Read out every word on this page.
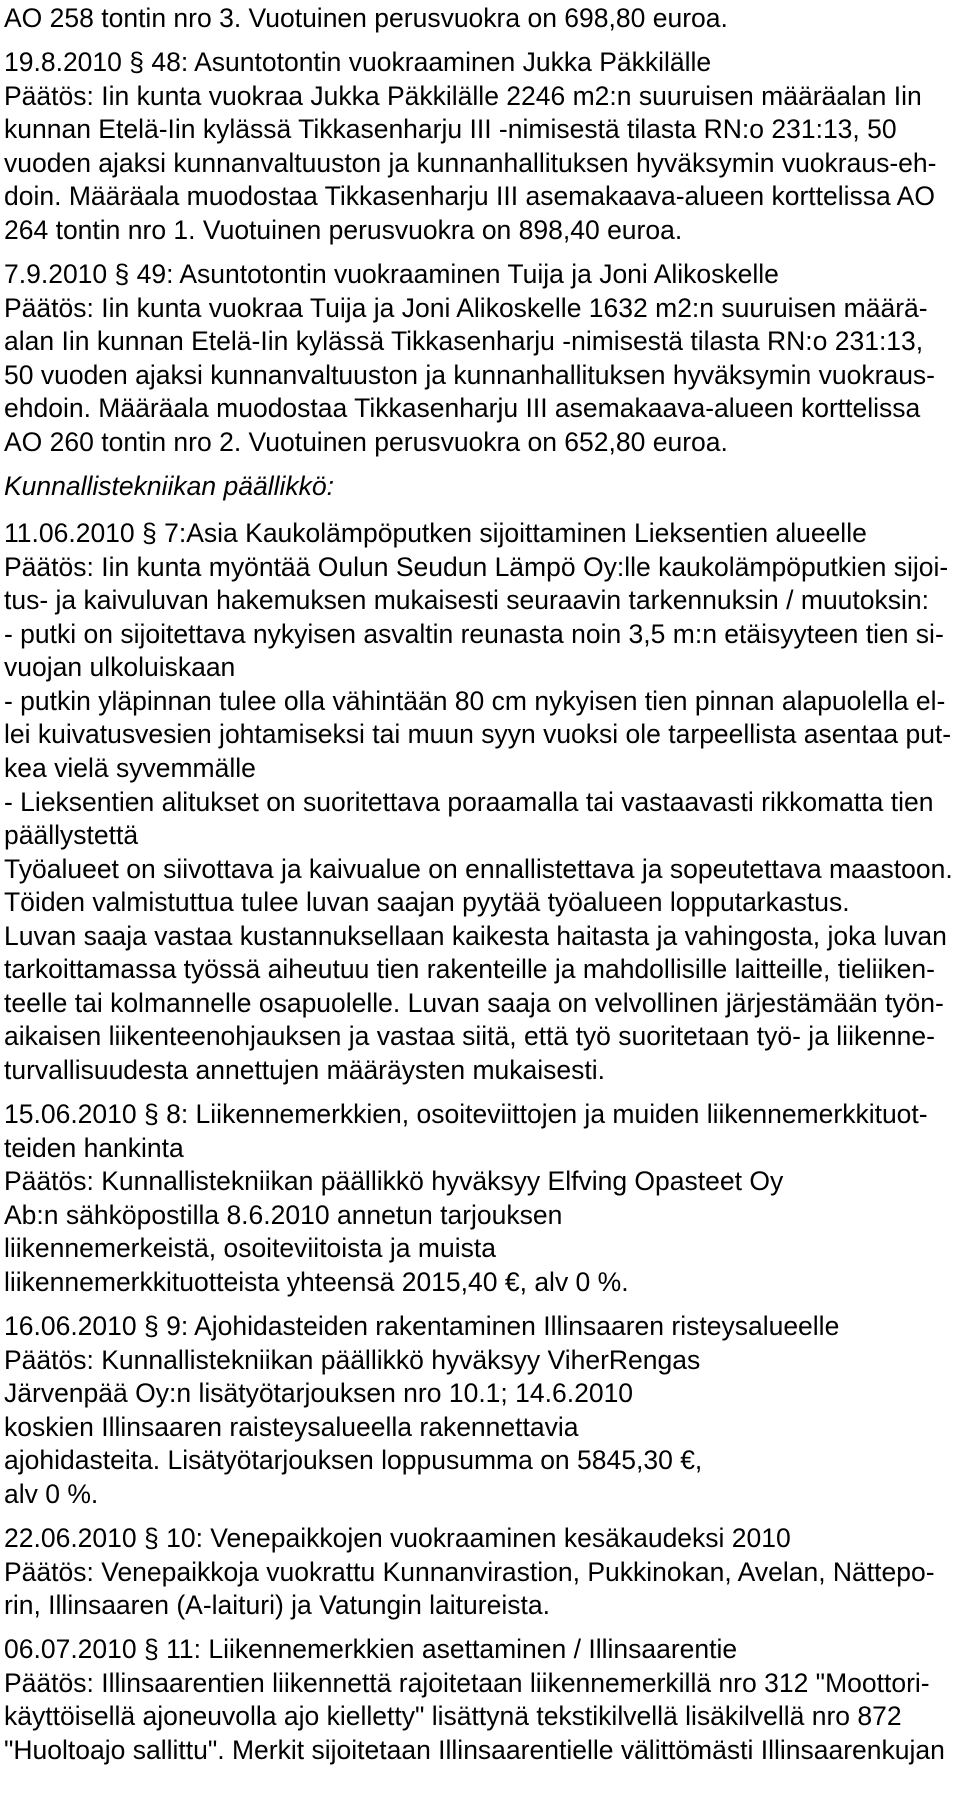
AO 258 tontin nro 3. Vuotuinen perusvuokra on 698,80 euroa.
19.8.2010 § 48: Asuntotontin vuokraaminen Jukka Päkkilälle
Päätös: Iin kunta vuokraa Jukka Päkkilälle 2246 m2:n suuruisen määräalan Iin
kunnan Etelä-Iin kylässä Tikkasenharju III -nimisestä tilasta RN:o 231:13, 50
vuoden ajaksi kunnanvaltuuston ja kunnanhallituksen hyväksymin vuokraus-eh-
doin. Määräala muodostaa Tikkasenharju III asemakaava-alueen korttelissa AO
264 tontin nro 1. Vuotuinen perusvuokra on 898,40 euroa.
7.9.2010 § 49: Asuntotontin vuokraaminen Tuija ja Joni Alikoskelle
Päätös: Iin kunta vuokraa Tuija ja Joni Alikoskelle 1632 m2:n suuruisen määrä-
alan Iin kunnan Etelä-Iin kylässä Tikkasenharju -nimisestä tilasta RN:o 231:13,
50 vuoden ajaksi kunnanvaltuuston ja kunnanhallituksen hyväksymin vuokraus-
ehdoin. Määräala muodostaa Tikkasenharju III asemakaava-alueen korttelissa
AO 260 tontin nro 2. Vuotuinen perusvuokra on 652,80 euroa.
Kunnallistekniikan päällikkö:
11.06.2010 § 7:Asia Kaukolämpöputken sijoittaminen Lieksentien alueelle
Päätös: Iin kunta myöntää Oulun Seudun Lämpö Oy:lle kaukolämpöputkien sijoi-
tus- ja kaivuluvan hakemuksen mukaisesti seuraavin tarkennuksin / muutoksin:
- putki on sijoitettava nykyisen asvaltin reunasta noin 3,5 m:n etäisyyteen tien si-
vuojan ulkoluiskaan
- putkin yläpinnan tulee olla vähintään 80 cm nykyisen tien pinnan alapuolella el-
lei kuivatusvesien johtamiseksi tai muun syyn vuoksi ole tarpeellista asentaa put-
kea vielä syvemmälle
- Lieksentien alitukset on suoritettava poraamalla tai vastaavasti rikkomatta tien
päällystettä
Työalueet on siivottava ja kaivualue on ennallistettava ja sopeutettava maastoon.
Töiden valmistuttua tulee luvan saajan pyytää työalueen lopputarkastus.
Luvan saaja vastaa kustannuksellaan kaikesta haitasta ja vahingosta, joka luvan
tarkoittamassa työssä aiheutuu tien rakenteille ja mahdollisille laitteille, tieliiken-
teelle tai kolmannelle osapuolelle. Luvan saaja on velvollinen järjestämään työn-
aikaisen liikenteenohjauksen ja vastaa siitä, että työ suoritetaan työ- ja liikenne-
turvallisuudesta annettujen määräysten mukaisesti.
15.06.2010 § 8: Liikennemerkkien, osoiteviittojen ja muiden liikennemerkkituot-
teiden hankinta
Päätös: Kunnallistekniikan päällikkö hyväksyy Elfving Opasteet Oy
Ab:n sähköpostilla 8.6.2010 annetun tarjouksen
liikennemerkeistä, osoiteviitoista ja muista
liikennemerkkituotteista yhteensä 2015,40 €, alv 0 %.
16.06.2010 § 9: Ajohidasteiden rakentaminen Illinsaaren risteysalueelle
Päätös: Kunnallistekniikan päällikkö hyväksyy ViherRengas
Järvenpää Oy:n lisätyötarjouksen nro 10.1; 14.6.2010
koskien Illinsaaren raisteysalueella rakennettavia
ajohidasteita. Lisätyötarjouksen loppusumma on 5845,30 €,
alv 0 %.
22.06.2010 § 10: Venepaikkojen vuokraaminen kesäkaudeksi 2010
Päätös: Venepaikkoja vuokrattu Kunnanvirastion, Pukkinokan, Avelan, Nättepo-
rin, Illinsaaren (A-laituri) ja Vatungin laitureista.
06.07.2010 § 11: Liikennemerkkien asettaminen / Illinsaarentie
Päätös: Illinsaarentien liikennettä rajoitetaan liikennemerkillä nro 312 "Moottori-
käyttöisellä ajoneuvolla ajo kielletty" lisättynä tekstikilvellä lisäkilvellä nro 872
"Huoltoajo sallittu". Merkit sijoitetaan Illinsaarentielle välittömästi Illinsaarenkujan
